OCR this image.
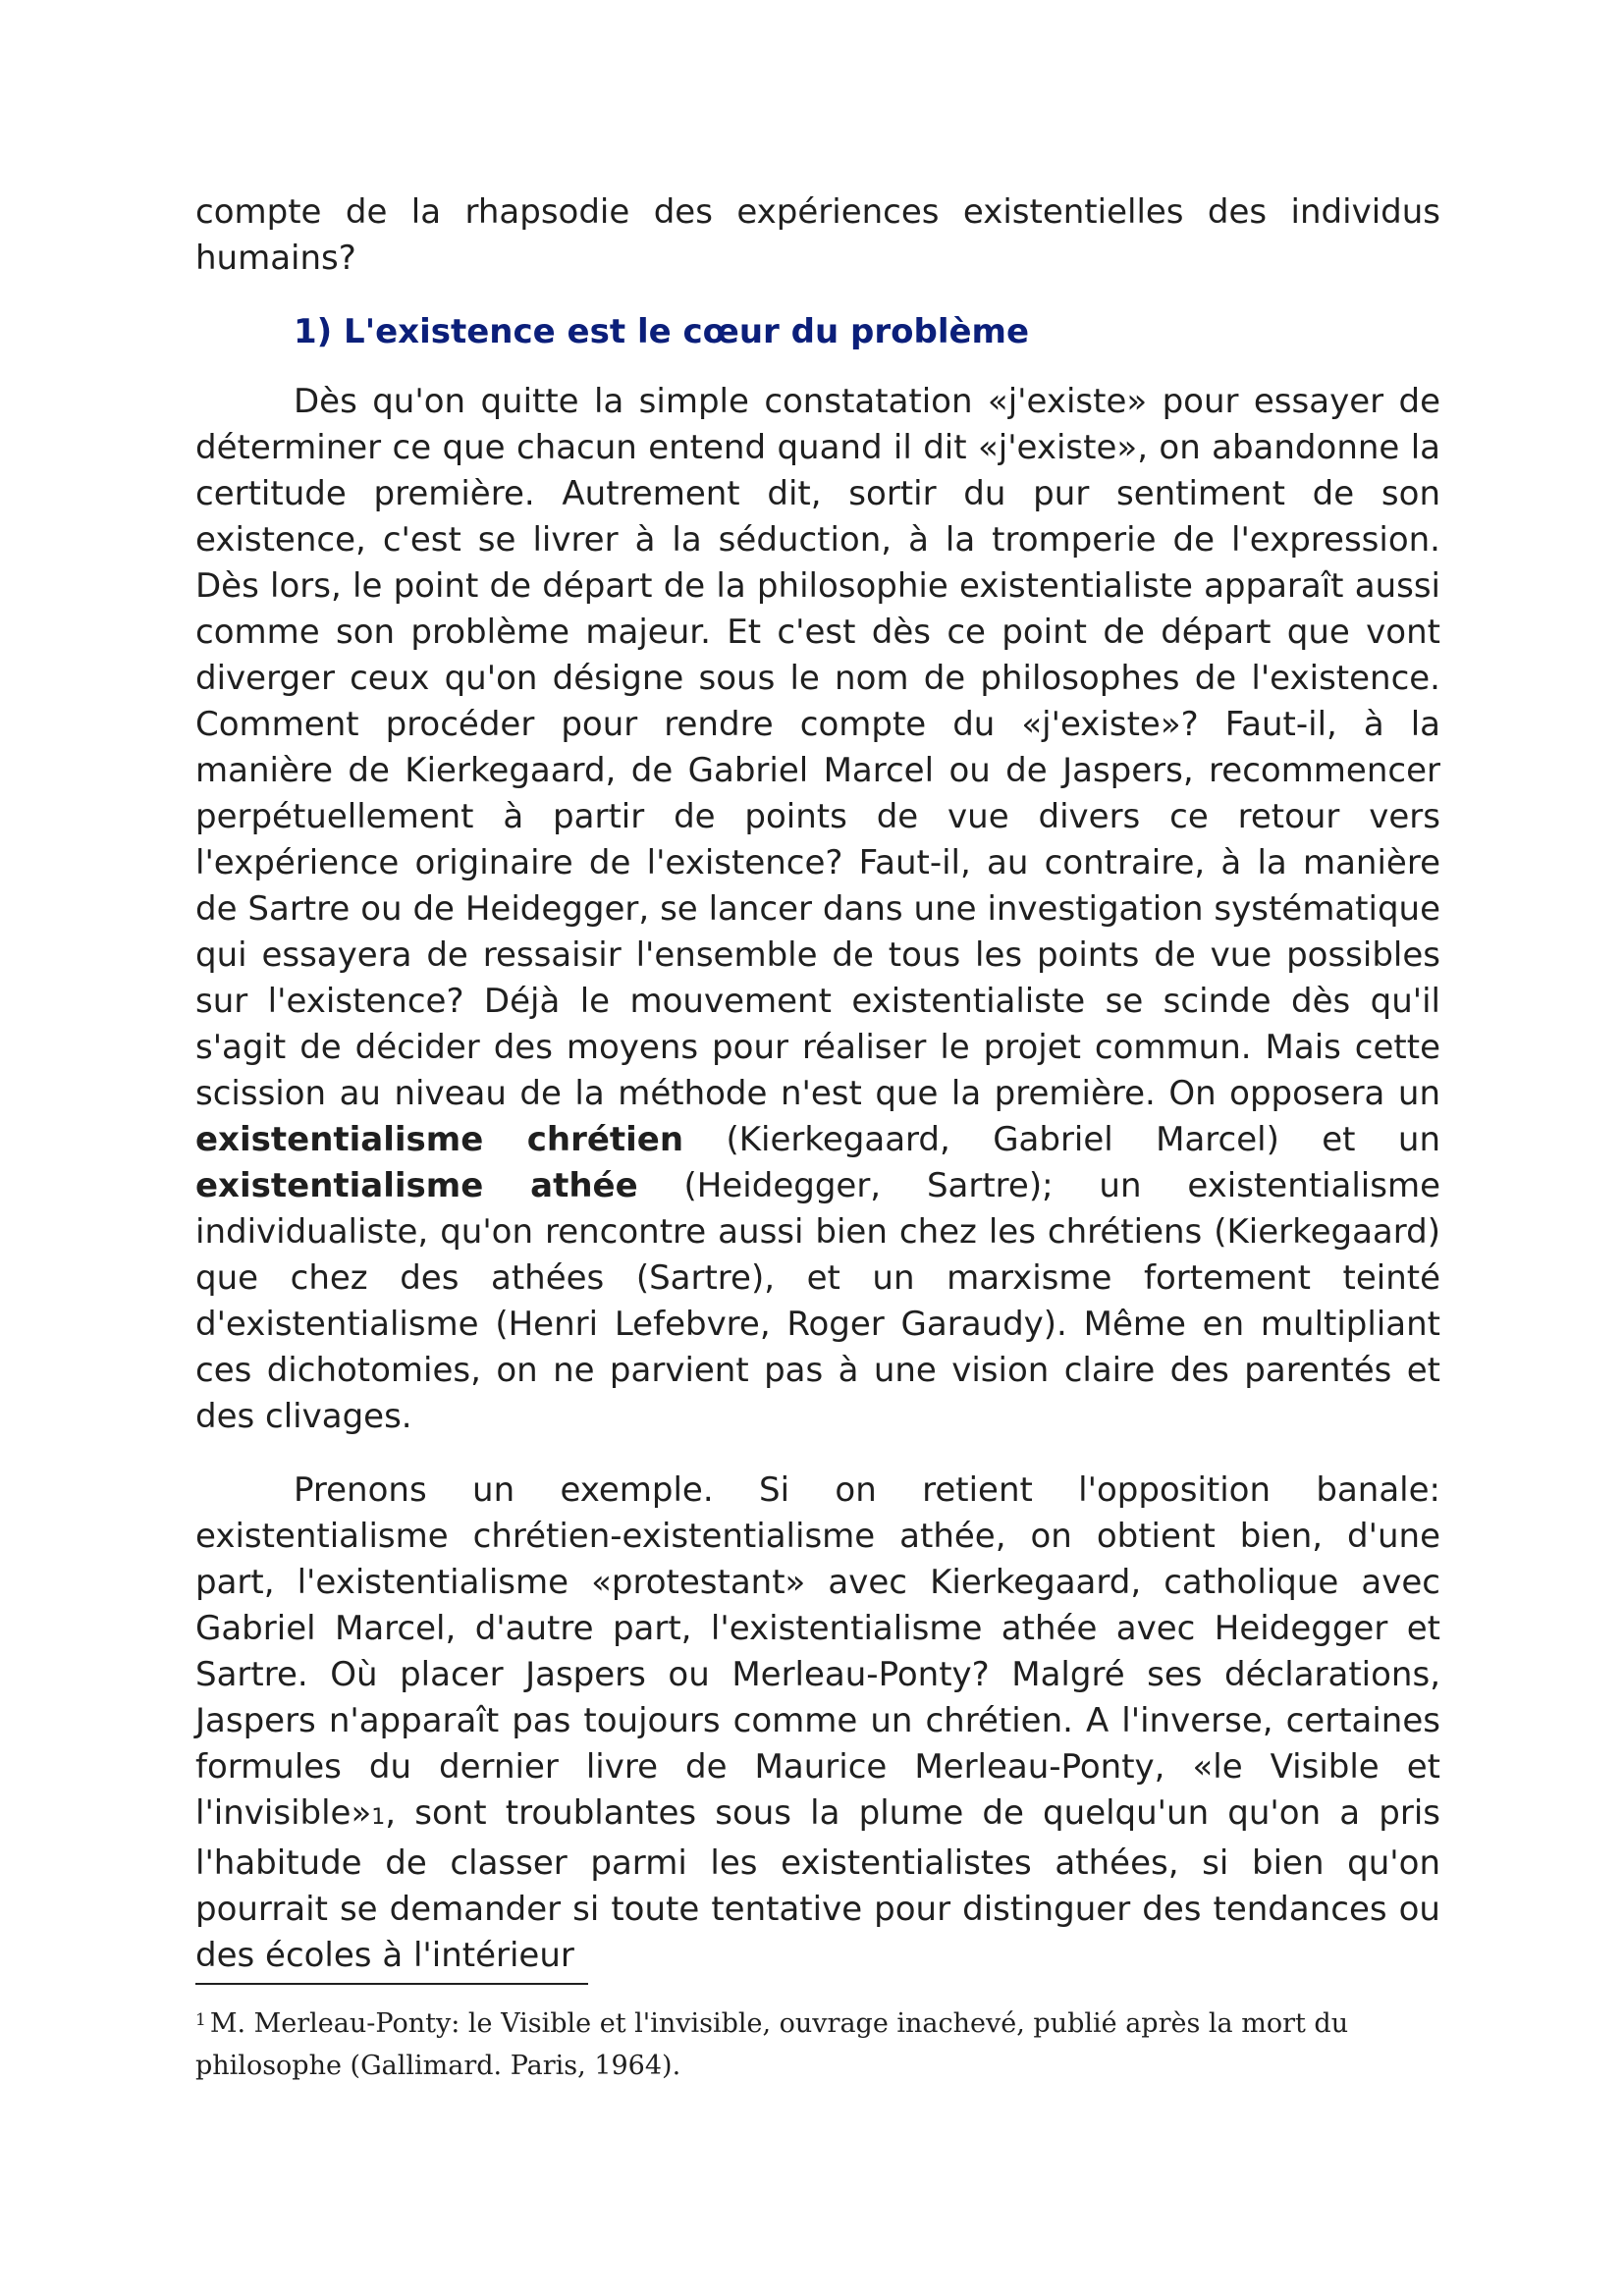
compte de la rhapsodie des expériences existentielles des individus humains?

1) L'existence est le cœur du problème

Dès qu'on quitte la simple constatation «j'existe» pour essayer de déterminer ce que chacun entend quand il dit «j'existe», on abandonne la certitude première. Autrement dit, sortir du pur sentiment de son existence, c'est se livrer à la séduction, à la tromperie de l'expression. Dès lors, le point de départ de la philosophie existentialiste apparaît aussi comme son problème majeur. Et c'est dès ce point de départ que vont diverger ceux qu'on désigne sous le nom de philosophes de l'existence. Comment procéder pour rendre compte du «j'existe»? Faut-il, à la manière de Kierkegaard, de Gabriel Marcel ou de Jaspers, recommencer perpétuellement à partir de points de vue divers ce retour vers l'expérience originaire de l'existence? Faut-il, au contraire, à la manière de Sartre ou de Heidegger, se lancer dans une investigation systématique qui essayera de ressaisir l'ensemble de tous les points de vue possibles sur l'existence? Déjà le mouvement existentialiste se scinde dès qu'il s'agit de décider des moyens pour réaliser le projet commun. Mais cette scission au niveau de la méthode n'est que la première. On opposera un existentialisme chrétien (Kierkegaard, Gabriel Marcel) et un existentialisme athée (Heidegger, Sartre); un existentialisme individualiste, qu'on rencontre aussi bien chez les chrétiens (Kierkegaard) que chez des athées (Sartre), et un marxisme fortement teinté d'existentialisme (Henri Lefebvre, Roger Garaudy). Même en multipliant ces dichotomies, on ne parvient pas à une vision claire des parentés et des clivages.

Prenons un exemple. Si on retient l'opposition banale: existentialisme chrétien-existentialisme athée, on obtient bien, d'une part, l'existentialisme «protestant» avec Kierkegaard, catholique avec Gabriel Marcel, d'autre part, l'existentialisme athée avec Heidegger et Sartre. Où placer Jaspers ou Merleau-Ponty? Malgré ses déclarations, Jaspers n'apparaît pas toujours comme un chrétien. A l'inverse, certaines formules du dernier livre de Maurice Merleau-Ponty, «le Visible et l'invisible»1, sont troublantes sous la plume de quelqu'un qu'on a pris l'habitude de classer parmi les existentialistes athées, si bien qu'on pourrait se demander si toute tentative pour distinguer des tendances ou des écoles à l'intérieur

$^1$ M. Merleau-Ponty: le Visible et l'invisible, ouvrage inachevé, publié après la mort du philosophe (Gallimard. Paris, 1964).
